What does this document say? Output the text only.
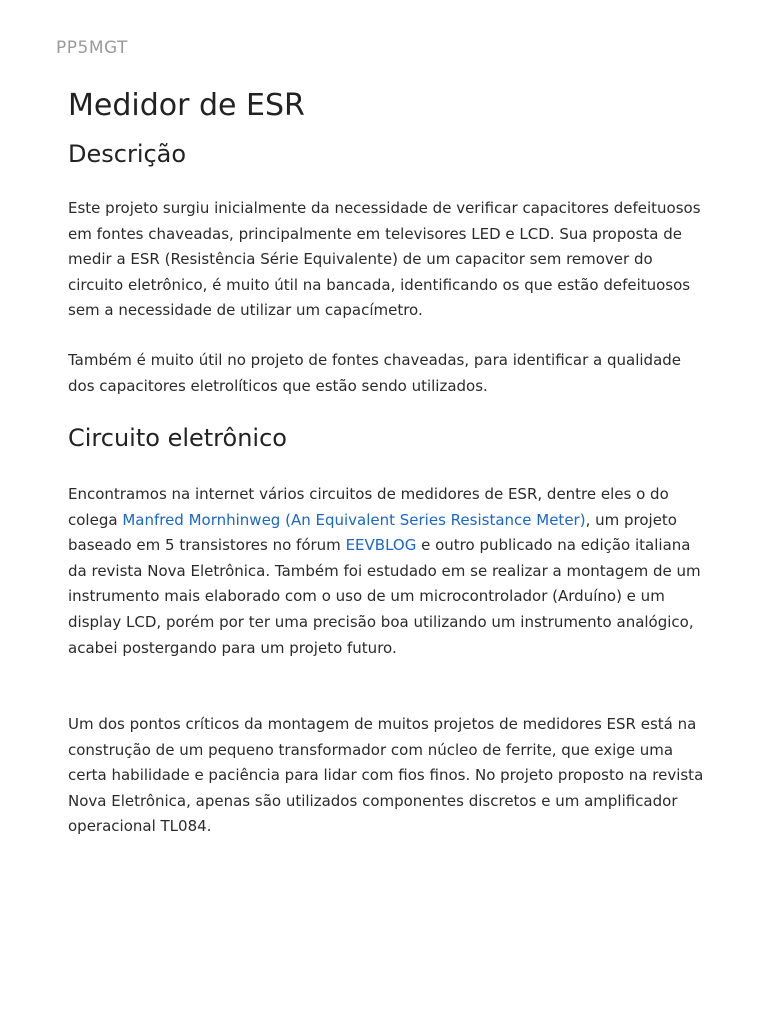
PP5MGT
Medidor de ESR
Descrição

Este projeto surgiu inicialmente da necessidade de verificar capacitores defeituosos em fontes chaveadas, principalmente em televisores LED e LCD. Sua proposta de medir a ESR (Resistência Série Equivalente) de um capacitor sem remover do circuito eletrônico, é muito útil na bancada, identificando os que estão defeituosos sem a necessidade de utilizar um capacímetro.

Também é muito útil no projeto de fontes chaveadas, para identificar a qualidade dos capacitores eletrolíticos que estão sendo utilizados.

Circuito eletrônico

Encontramos na internet vários circuitos de medidores de ESR, dentre eles o do colega Manfred Mornhinweg (An Equivalent Series Resistance Meter), um projeto baseado em 5 transistores no fórum EEVBLOG e outro publicado na edição italiana da revista Nova Eletrônica. Também foi estudado em se realizar a montagem de um instrumento mais elaborado com o uso de um microcontrolador (Arduíno) e um display LCD, porém por ter uma precisão boa utilizando um instrumento analógico, acabei postergando para um projeto futuro.

Um dos pontos críticos da montagem de muitos projetos de medidores ESR está na construção de um pequeno transformador com núcleo de ferrite, que exige uma certa habilidade e paciência para lidar com fios finos. No projeto proposto na revista Nova Eletrônica, apenas são utilizados componentes discretos e um amplificador operacional TL084.
